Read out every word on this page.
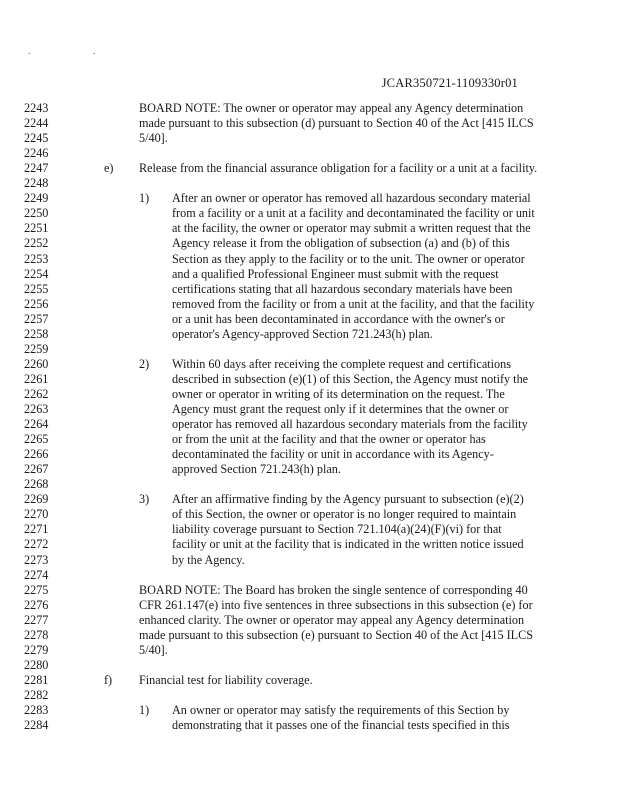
. .
JCAR350721-1109330r01
2243	BOARD NOTE: The owner or operator may appeal any Agency determination
2244	made pursuant to this subsection (d) pursuant to Section 40 of the Act [415 ILCS
2245	5/40].
2246
2247	e) Release from the financial assurance obligation for a facility or a unit at a facility.
2248
2249	1) After an owner or operator has removed all hazardous secondary material
2250	from a facility or a unit at a facility and decontaminated the facility or unit
2251	at the facility, the owner or operator may submit a written request that the
2252	Agency release it from the obligation of subsection (a) and (b) of this
2253	Section as they apply to the facility or to the unit. The owner or operator
2254	and a qualified Professional Engineer must submit with the request
2255	certifications stating that all hazardous secondary materials have been
2256	removed from the facility or from a unit at the facility, and that the facility
2257	or a unit has been decontaminated in accordance with the owner's or
2258	operator's Agency-approved Section 721.243(h) plan.
2259
2260	2) Within 60 days after receiving the complete request and certifications
2261	described in subsection (e)(1) of this Section, the Agency must notify the
2262	owner or operator in writing of its determination on the request. The
2263	Agency must grant the request only if it determines that the owner or
2264	operator has removed all hazardous secondary materials from the facility
2265	or from the unit at the facility and that the owner or operator has
2266	decontaminated the facility or unit in accordance with its Agency-
2267	approved Section 721.243(h) plan.
2268
2269	3) After an affirmative finding by the Agency pursuant to subsection (e)(2)
2270	of this Section, the owner or operator is no longer required to maintain
2271	liability coverage pursuant to Section 721.104(a)(24)(F)(vi) for that
2272	facility or unit at the facility that is indicated in the written notice issued
2273	by the Agency.
2274
2275	BOARD NOTE: The Board has broken the single sentence of corresponding 40
2276	CFR 261.147(e) into five sentences in three subsections in this subsection (e) for
2277	enhanced clarity. The owner or operator may appeal any Agency determination
2278	made pursuant to this subsection (e) pursuant to Section 40 of the Act [415 ILCS
2279	5/40].
2280
2281	f) Financial test for liability coverage.
2282
2283	1) An owner or operator may satisfy the requirements of this Section by
2284	demonstrating that it passes one of the financial tests specified in this
